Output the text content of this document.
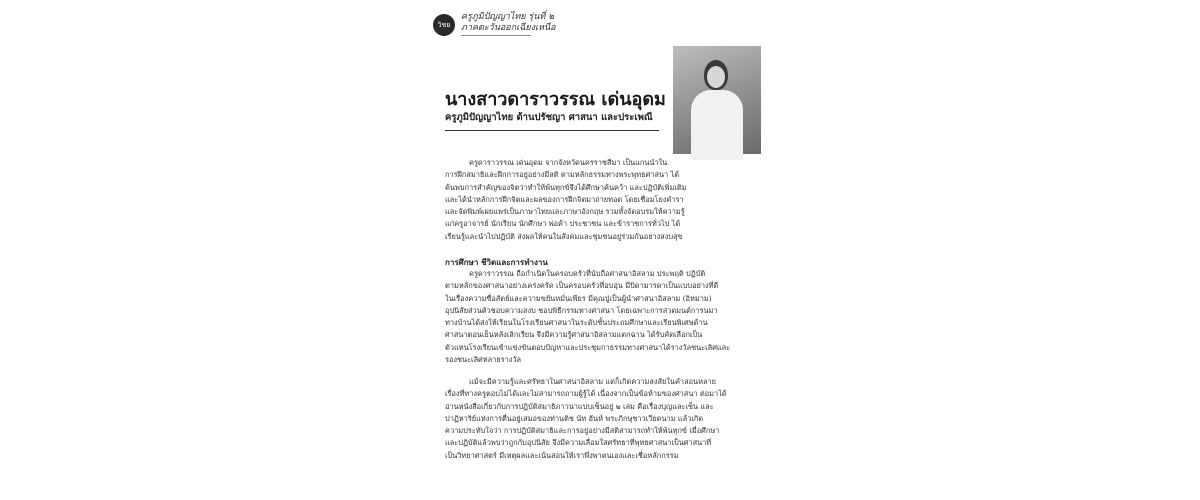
วิชย
ครูภูมิปัญญาไทย รุ่นที่ ๒
ภาคตะวันออกเฉียงเหนือ
นางสาวดาราวรรณ เด่นอุดม
ครูภูมิปัญญาไทย ด้านปรัชญา ศาสนา และประเพณี
ครูดาราวรรณ เด่นอุดม จากจังหวัดนครราชสีมา เป็นแกนนำใน
การฝึกสมาธิและฝึกการอยู่อย่างมีสติ ตามหลักธรรมทางพระพุทธศาสนา ได้
ค้นพบการสำคัญของจิตว่าทำให้พ้นทุกข์จึงได้ศึกษาค้นคว้า และปฏิบัติเพิ่มเติม
และได้นำหลักการฝึกจิตและผลของการฝึกจิตมาถ่ายทอด โดยเชื่อมโยงคำรา
และจัดพิมพ์เผยแพร่เป็นภาษาไทยและภาษาอังกฤษ รวมทั้งจัดอบรมให้ความรู้
แก่ครูอาจารย์ นักเรียน นักศึกษา พ่อค้า ประชาชน และข้าราชการทั่วไป ได้
เรียนรู้และนำไปปฏิบัติ ส่งผลให้คนในสังคมและชุมชนอยู่ร่วมกันอย่างสงบสุข
การศึกษา ชีวิตและการทำงาน
ครูดาราวรรณ ถือกำเนิดในครอบครัวที่นับถือศาสนาอิสลาม ประพฤติ ปฏิบัติ
ตามหลักของศาสนาอย่างเคร่งครัด เป็นครอบครัวที่อบอุ่น มีบิดามารดาเป็นแบบอย่างที่ดี
ในเรื่องความซื่อสัตย์และความขยันหมั่นเพียร มีคุณปู่เป็นผู้นำศาสนาอิสลาม (อิหม่าม)
อุปนิสัยส่วนตัวชอบความสงบ ชอบพิธีกรรมทางศาสนา โดยเฉพาะการสวดมนต์การนมา
ทางบ้านได้ส่งให้เรียนในโรงเรียนศาสนาในระดับชั้นประถมศึกษาและเรียนพิเศษด้าน
ศาสนาตอนเย็นหลังเลิกเรียน จึงมีความรู้ศาสนาอิสลามแตกฉาน ได้รับคัดเลือกเป็น
ตัวแทนโรงเรียนเข้าแข่งขันตอบปัญหาและประชุมกาธรรมทางศาสนาได้รางวัลชนะเลิศและ
รองชนะเลิศหลายรางวัล
แม้จะมีความรู้และศรัทธาในศาสนาอิสลาม แต่ก็เกิดความสงสัยในคำสอนหลาย
เรื่องที่ทางครูตอบไม่ได้และไม่สามารถถามผู้รู้ได้ เนื่องจากเป็นข้อห้ามของศาสนา ต่อมาได้
อ่านหนังสือเกี่ยวกับการปฏิบัติสมาธิภาวนาแบบเซ็นอยู่ ๒ เล่ม คือเรื่องบุญและเซ็น และ
ปาฏิหาริย์แห่งการตื่นอยู่เสมอของท่านติช นัท ฮันห์ พระภิกษุชาวเวียดนาม แล้วเกิด
ความประทับใจว่า การปฏิบัติสมาธิและการอยู่อย่างมีสติสามารถทำให้พ้นทุกข์ เมื่อศึกษา
และปฏิบัติแล้วพบว่าถูกกับอุปนิสัย จึงมีความเลื่อมใสศรัทธาที่พุทธศาสนาเป็นศาสนาที่
เป็นวิทยาศาสตร์ มีเหตุผลและเน้นสอนให้เราพึ่งพาตนเองและเชื่อหลักกรรม
